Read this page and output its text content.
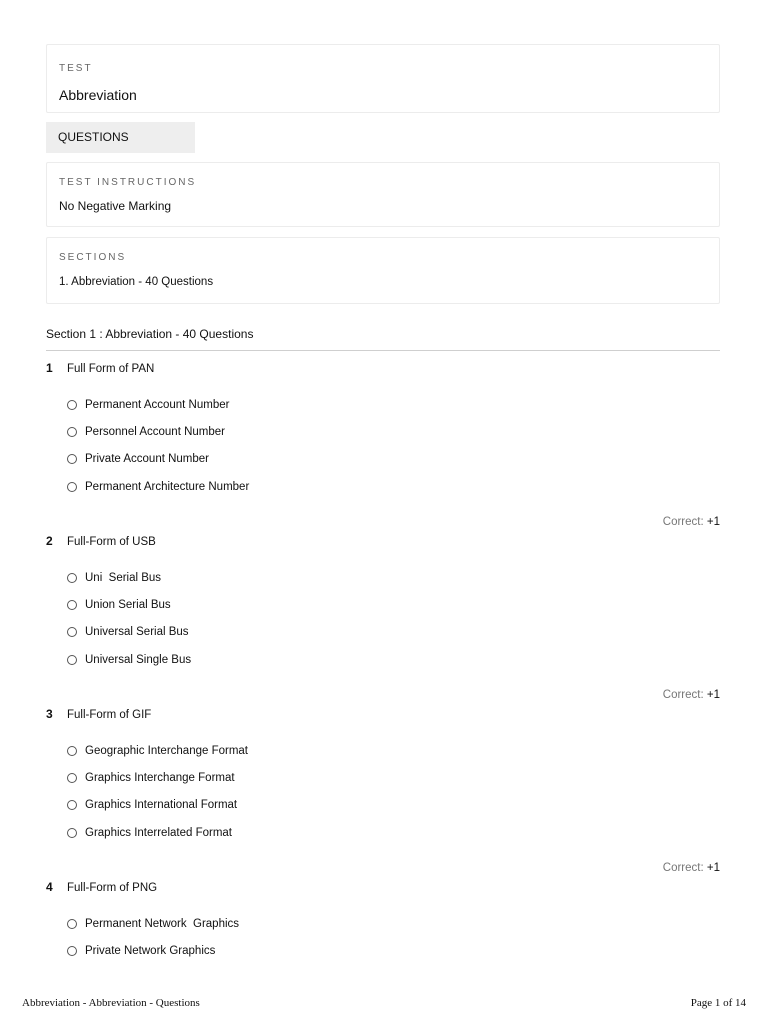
TEST
Abbreviation
QUESTIONS
TEST INSTRUCTIONS
No Negative Marking
SECTIONS
1. Abbreviation - 40 Questions
Section 1 : Abbreviation - 40 Questions
1	Full Form of PAN
Permanent Account Number
Personnel Account Number
Private Account Number
Permanent Architecture Number
Correct: +1
2	Full-Form of USB
Uni  Serial Bus
Union Serial Bus
Universal Serial Bus
Universal Single Bus
Correct: +1
3	Full-Form of GIF
Geographic Interchange Format
Graphics Interchange Format
Graphics International Format
Graphics Interrelated Format
Correct: +1
4	Full-Form of PNG
Permanent Network  Graphics
Private Network Graphics
Abbreviation - Abbreviation - Questions	Page 1 of 14
